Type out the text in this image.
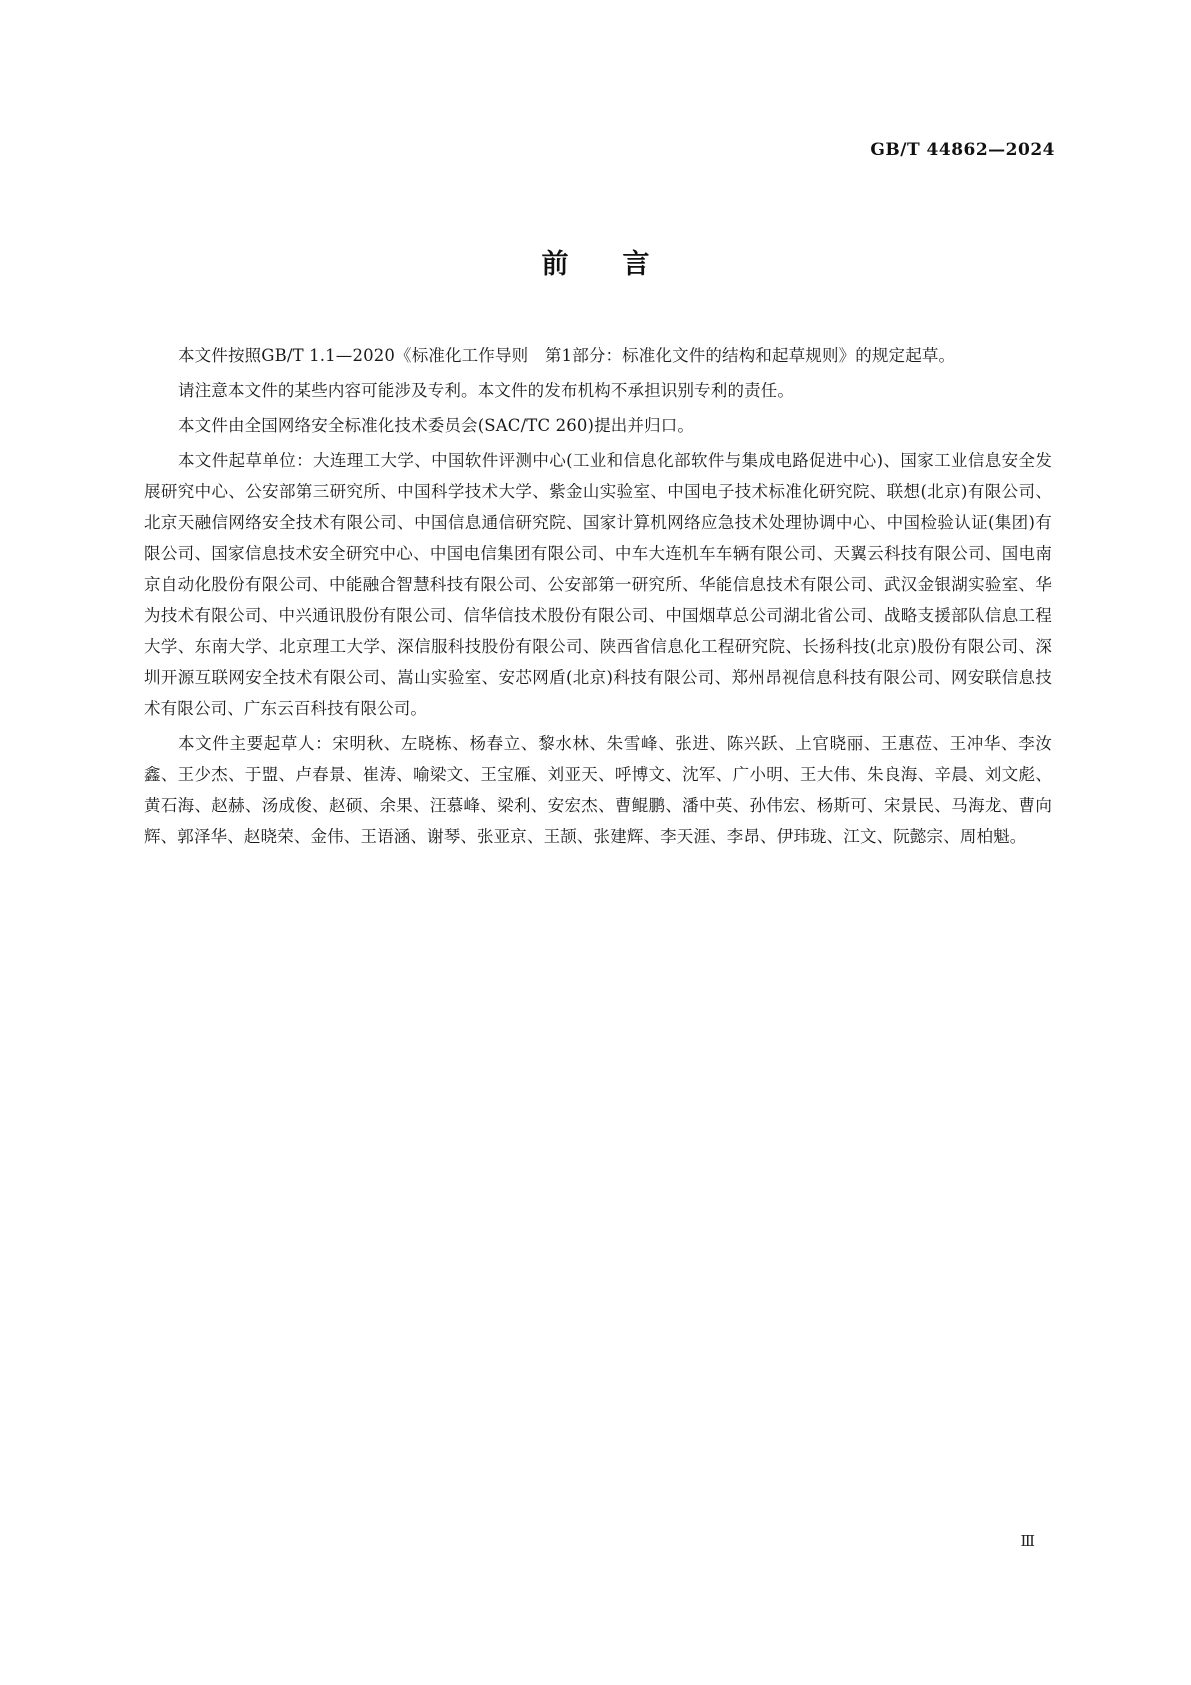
GB/T 44862—2024
前言

本文件按照GB/T 1.1—2020《标准化工作导则　第1部分：标准化文件的结构和起草规则》的规定起草。

请注意本文件的某些内容可能涉及专利。本文件的发布机构不承担识别专利的责任。

本文件由全国网络安全标准化技术委员会(SAC/TC 260)提出并归口。

本文件起草单位：大连理工大学、中国软件评测中心(工业和信息化部软件与集成电路促进中心)、国家工业信息安全发展研究中心、公安部第三研究所、中国科学技术大学、紫金山实验室、中国电子技术标准化研究院、联想(北京)有限公司、北京天融信网络安全技术有限公司、中国信息通信研究院、国家计算机网络应急技术处理协调中心、中国检验认证(集团)有限公司、国家信息技术安全研究中心、中国电信集团有限公司、中车大连机车车辆有限公司、天翼云科技有限公司、国电南京自动化股份有限公司、中能融合智慧科技有限公司、公安部第一研究所、华能信息技术有限公司、武汉金银湖实验室、华为技术有限公司、中兴通讯股份有限公司、信华信技术股份有限公司、中国烟草总公司湖北省公司、战略支援部队信息工程大学、东南大学、北京理工大学、深信服科技股份有限公司、陕西省信息化工程研究院、长扬科技(北京)股份有限公司、深圳开源互联网安全技术有限公司、嵩山实验室、安芯网盾(北京)科技有限公司、郑州昂视信息科技有限公司、网安联信息技术有限公司、广东云百科技有限公司。

本文件主要起草人：宋明秋、左晓栋、杨春立、黎水林、朱雪峰、张进、陈兴跃、上官晓丽、王惠莅、王冲华、李汝鑫、王少杰、于盟、卢春景、崔涛、喻梁文、王宝雁、刘亚天、呼博文、沈军、广小明、王大伟、朱良海、辛晨、刘文彪、黄石海、赵赫、汤成俊、赵硕、余果、汪慕峰、梁利、安宏杰、曹鲲鹏、潘中英、孙伟宏、杨斯可、宋景民、马海龙、曹向辉、郭泽华、赵晓荣、金伟、王语涵、谢琴、张亚京、王颉、张建辉、李天涯、李昂、伊玮珑、江文、阮懿宗、周柏魁。

Ⅲ
